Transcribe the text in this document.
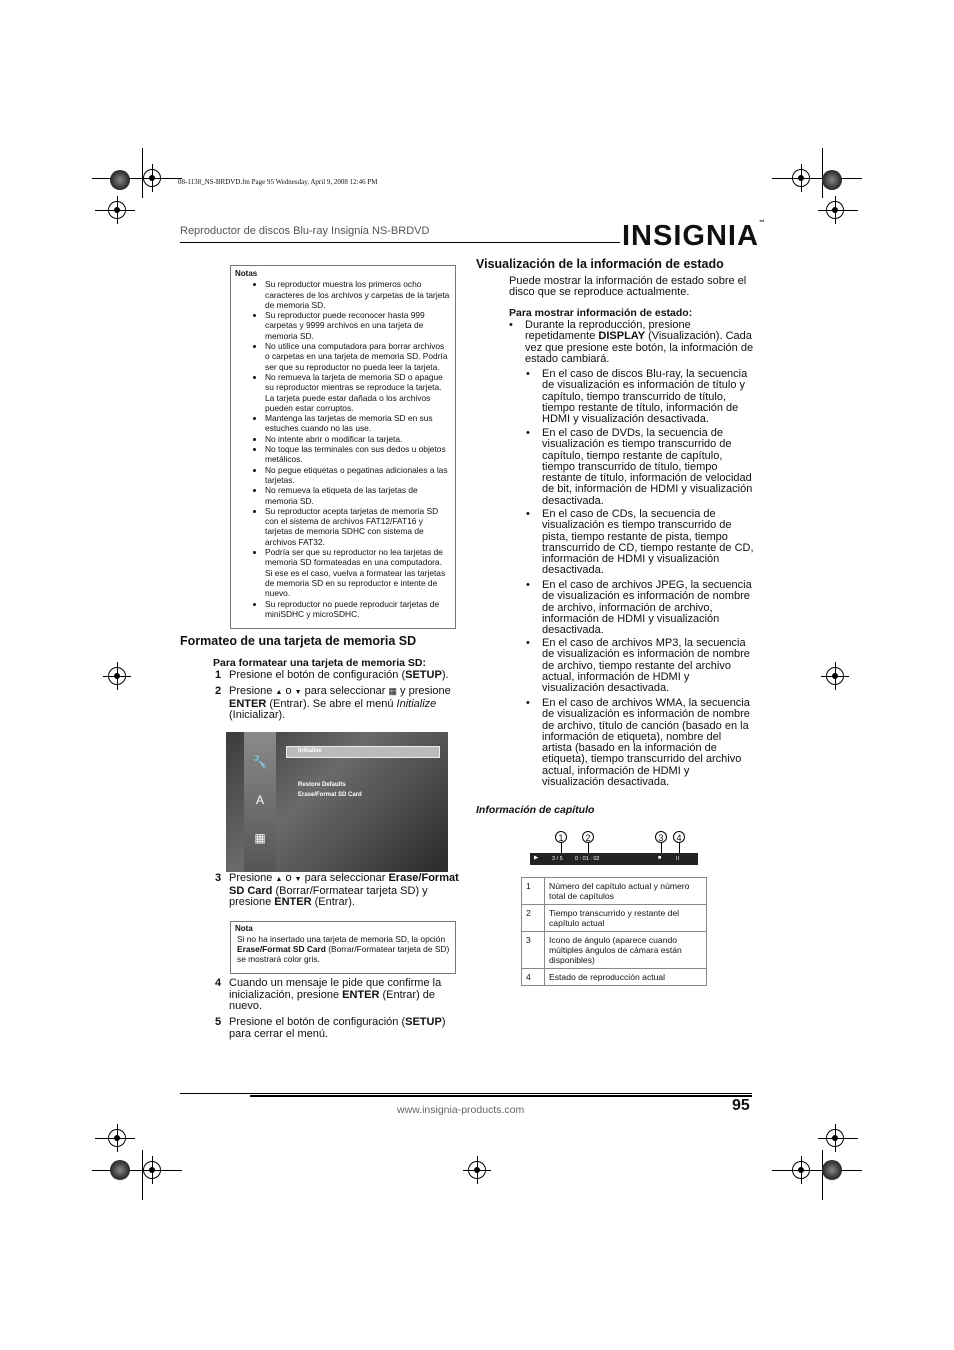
08-1138_NS-BRDVD.fm Page 95 Wednesday, April 9, 2008 12:46 PM
Reproductor de discos Blu-ray Insignia NS-BRDVD	INSIGNIA™
Notas
• Su reproductor muestra los primeros ocho caracteres de los archivos y carpetas de la tarjeta de memoria SD.
• Su reproductor puede reconocer hasta 999 carpetas y 9999 archivos en una tarjeta de memoria SD.
• No utilice una computadora para borrar archivos o carpetas en una tarjeta de memoria SD. Podría ser que su reproductor no pueda leer la tarjeta.
• No remueva la tarjeta de memoria SD o apague su reproductor mientras se reproduce la tarjeta. La tarjeta puede estar dañada o los archivos pueden estar corruptos.
• Mantenga las tarjetas de memoria SD en sus estuches cuando no las use.
• No intente abrir o modificar la tarjeta.
• No toque las terminales con sus dedos u objetos metálicos.
• No pegue etiquetas o pegatinas adicionales a las tarjetas.
• No remueva la etiqueta de las tarjetas de memoria SD.
• Su reproductor acepta tarjetas de memoria SD con el sistema de archivos FAT12/FAT16 y tarjetas de memoria SDHC con sistema de archivos FAT32.
• Podría ser que su reproductor no lea tarjetas de memoria SD formateadas en una computadora. Si ese es el caso, vuelva a formatear las tarjetas de memoria SD en su reproductor e intente de nuevo.
• Su reproductor no puede reproducir tarjetas de miniSDHC y microSDHC.
Formateo de una tarjeta de memoria SD
Para formatear una tarjeta de memoria SD:
1 Presione el botón de configuración (SETUP).
2 Presione ▲ o ▼ para seleccionar ▦ y presione ENTER (Entrar). Se abre el menú Initialize (Inicializar).
🔧
A
▦
Initialize
Restore Defaults
Erase/Format SD Card
3 Presione ▲ o ▼ para seleccionar Erase/Format SD Card (Borrar/Formatear tarjeta SD) y presione ENTER (Entrar).
Nota
Si no ha insertado una tarjeta de memoria SD, la opción Erase/Format SD Card (Borrar/Formatear tarjeta de SD) se mostrará color gris.
4 Cuando un mensaje le pide que confirme la inicialización, presione ENTER (Entrar) de nuevo.
5 Presione el botón de configuración (SETUP) para cerrar el menú.
Visualización de la información de estado
Puede mostrar la información de estado sobre el disco que se reproduce actualmente.
Para mostrar información de estado:
• Durante la reproducción, presione repetidamente DISPLAY (Visualización). Cada vez que presione este botón, la información de estado cambiará.
• En el caso de discos Blu-ray, la secuencia de visualización es información de título y capítulo, tiempo transcurrido de título, tiempo restante de título, información de HDMI y visualización desactivada.
• En el caso de DVDs, la secuencia de visualización es tiempo transcurrido de capítulo, tiempo restante de capítulo, tiempo transcurrido de título, tiempo restante de título, información de velocidad de bit, información de HDMI y visualización desactivada.
• En el caso de CDs, la secuencia de visualización es tiempo transcurrido de pista, tiempo restante de pista, tiempo transcurrido de CD, tiempo restante de CD, información de HDMI y visualización desactivada.
• En el caso de archivos JPEG, la secuencia de visualización es información de nombre de archivo, información de archivo, información de HDMI y visualización desactivada.
• En el caso de archivos MP3, la secuencia de visualización es información de nombre de archivo, tiempo restante del archivo actual, información de HDMI y visualización desactivada.
• En el caso de archivos WMA, la secuencia de visualización es información de nombre de archivo, título de canción (basado en la información de etiqueta), nombre del artista (basado en la información de etiqueta), tiempo transcurrido del archivo actual, información de HDMI y visualización desactivada.
Información de capítulo
1	2	3	4
▶	3 / 5 0 : 01 : 02	■	II
1	Número del capítulo actual y número total de capítulos
2	Tiempo transcurrido y restante del capítulo actual
3	Icono de ángulo (aparece cuando múltiples ángulos de cámara están disponibles)
4	Estado de reproducción actual
www.insignia-products.com	95
